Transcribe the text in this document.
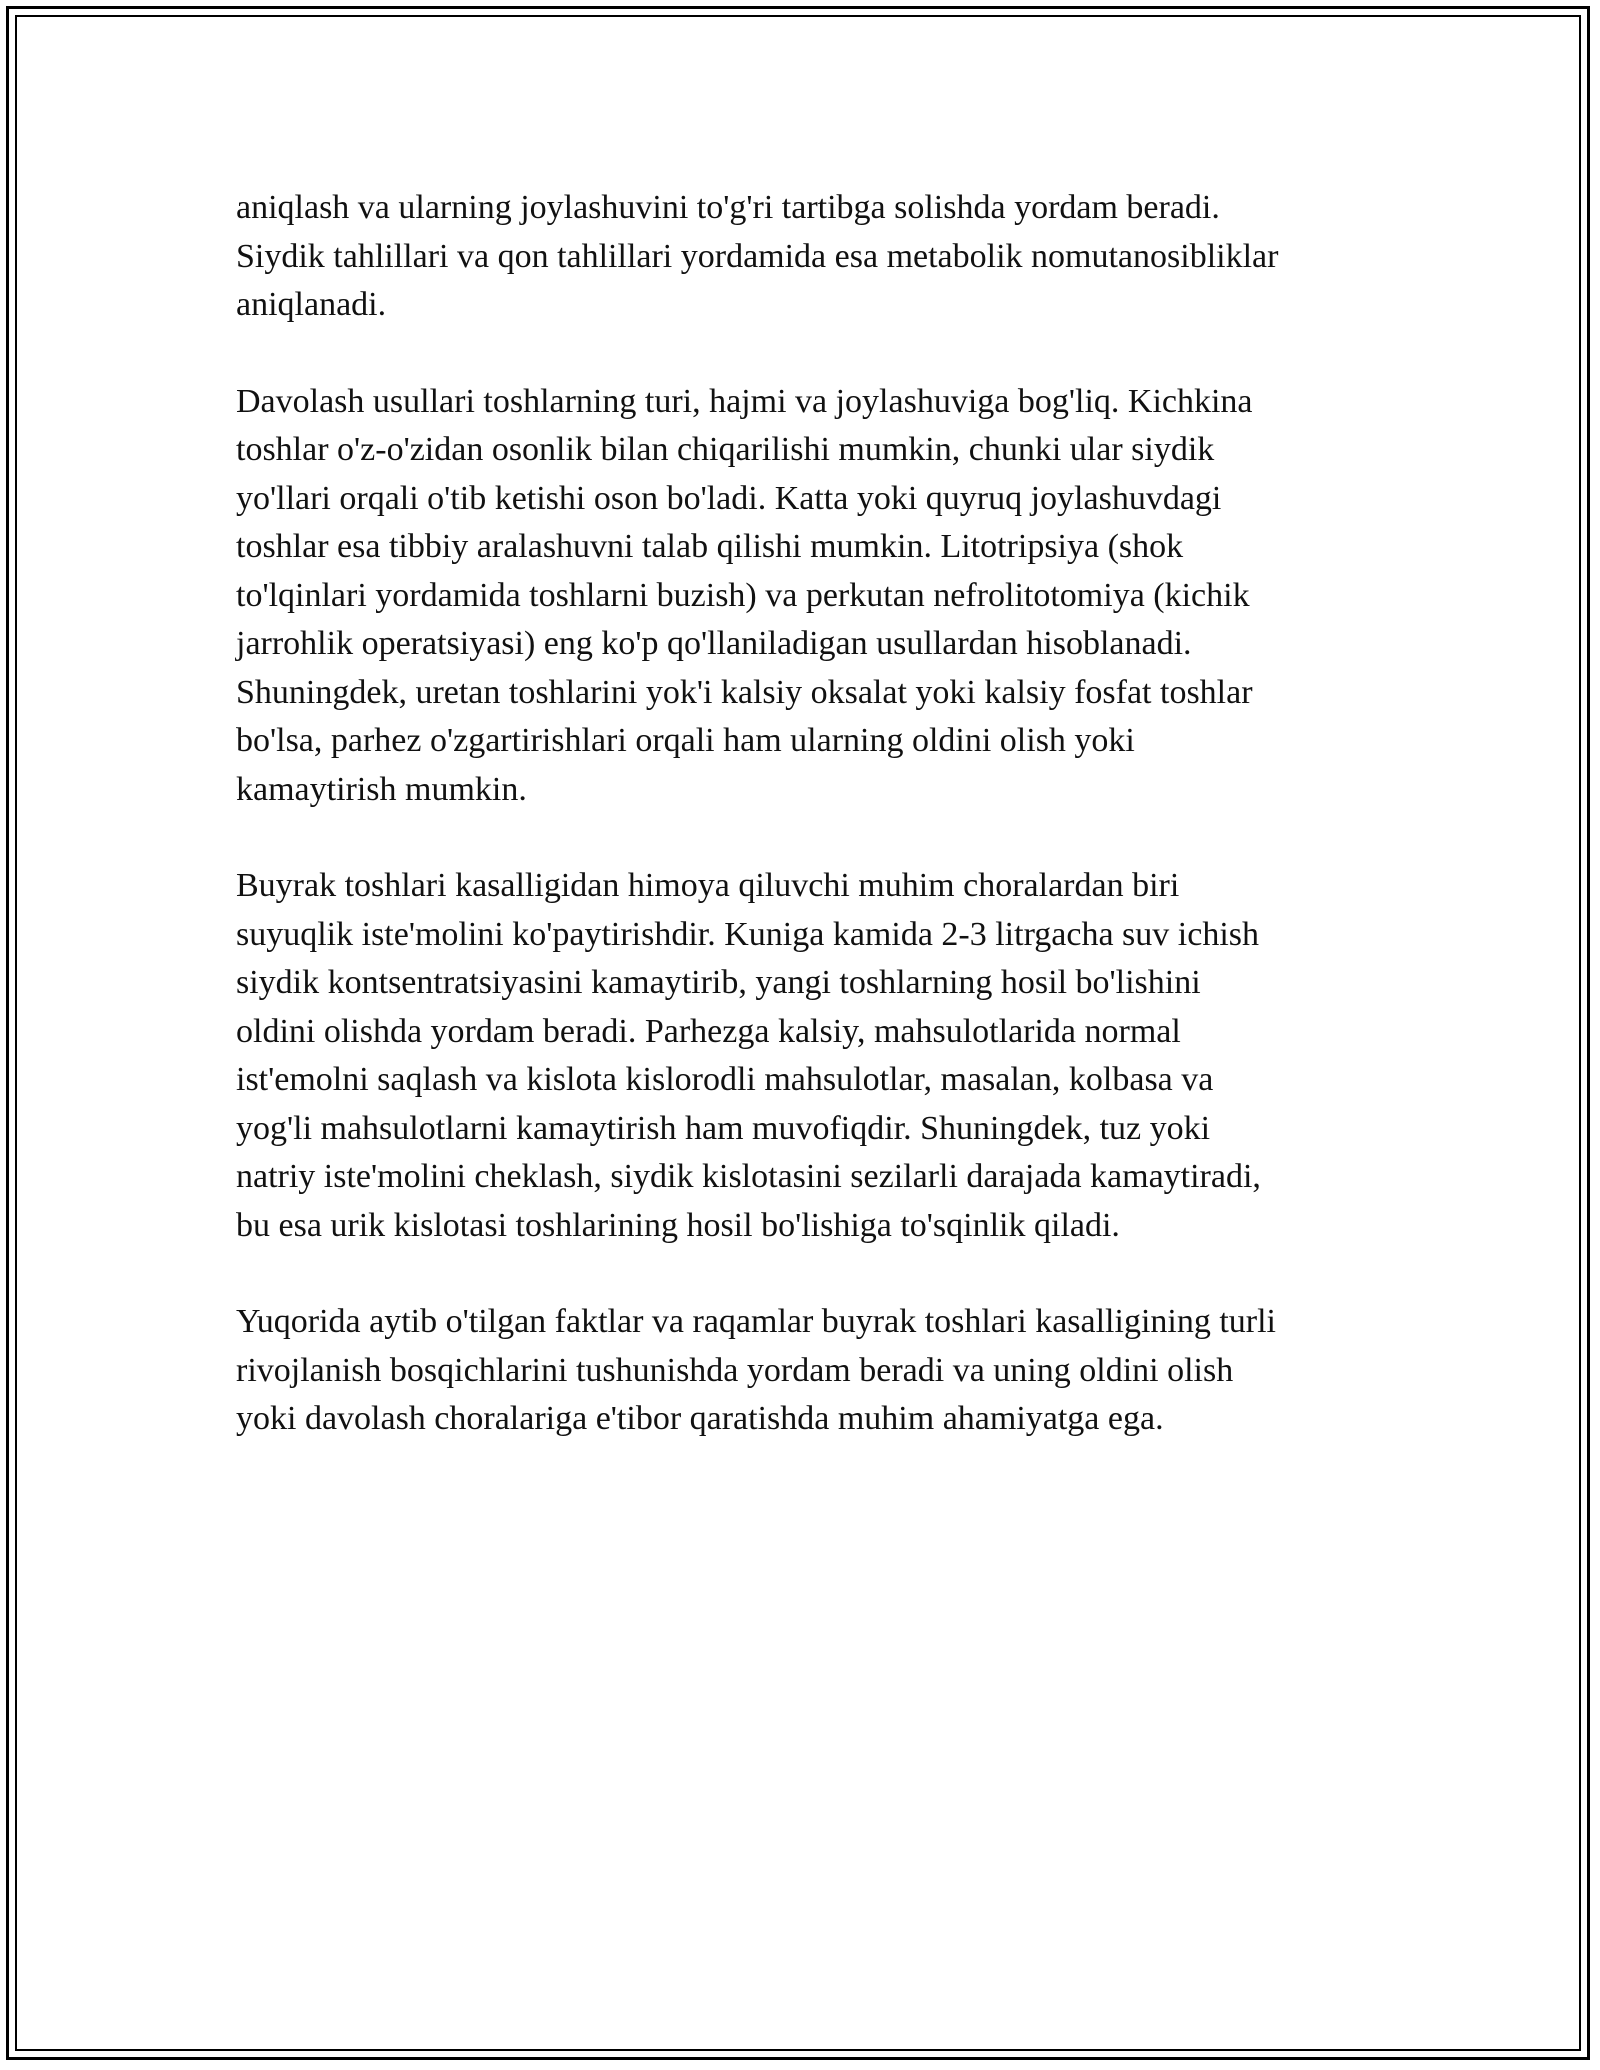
aniqlash va ularning joylashuvini to'g'ri tartibga solishda yordam beradi.
Siydik tahlillari va qon tahlillari yordamida esa metabolik nomutanosibliklar
aniqlanadi.

Davolash usullari toshlarning turi, hajmi va joylashuviga bog'liq. Kichkina
toshlar o'z-o'zidan osonlik bilan chiqarilishi mumkin, chunki ular siydik
yo'llari orqali o'tib ketishi oson bo'ladi. Katta yoki quyruq joylashuvdagi
toshlar esa tibbiy aralashuvni talab qilishi mumkin. Litotripsiya (shok
to'lqinlari yordamida toshlarni buzish) va perkutan nefrolitotomiya (kichik
jarrohlik operatsiyasi) eng ko'p qo'llaniladigan usullardan hisoblanadi.
Shuningdek, uretan toshlarini yok'i kalsiy oksalat yoki kalsiy fosfat toshlar
bo'lsa, parhez o'zgartirishlari orqali ham ularning oldini olish yoki
kamaytirish mumkin.

Buyrak toshlari kasalligidan himoya qiluvchi muhim choralardan biri
suyuqlik iste'molini ko'paytirishdir. Kuniga kamida 2-3 litrgacha suv ichish
siydik kontsentratsiyasini kamaytirib, yangi toshlarning hosil bo'lishini
oldini olishda yordam beradi. Parhezga kalsiy, mahsulotlarida normal
ist'emolni saqlash va kislota kislorodli mahsulotlar, masalan, kolbasa va
yog'li mahsulotlarni kamaytirish ham muvofiqdir. Shuningdek, tuz yoki
natriy iste'molini cheklash, siydik kislotasini sezilarli darajada kamaytiradi,
bu esa urik kislotasi toshlarining hosil bo'lishiga to'sqinlik qiladi.

Yuqorida aytib o'tilgan faktlar va raqamlar buyrak toshlari kasalligining turli
rivojlanish bosqichlarini tushunishda yordam beradi va uning oldini olish
yoki davolash choralariga e'tibor qaratishda muhim ahamiyatga ega.
